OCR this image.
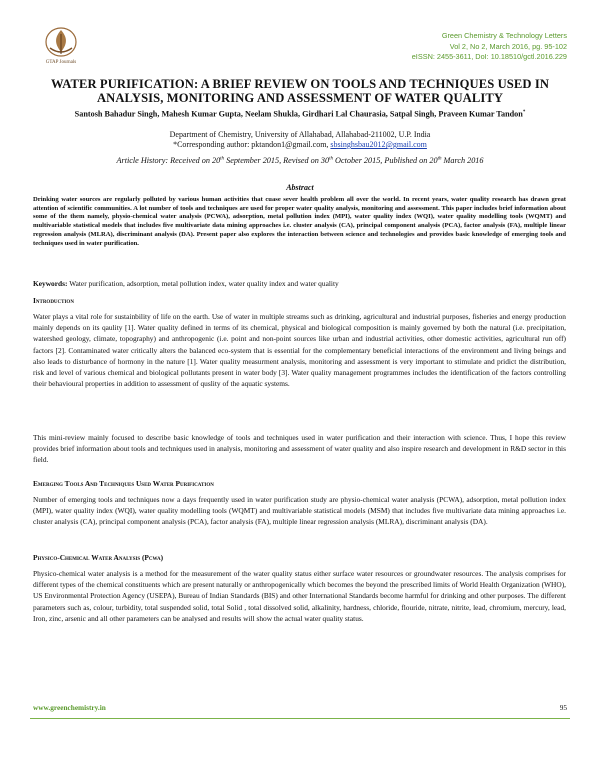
GTAP Journals
Green Chemistry & Technology Letters
Vol 2, No 2, March 2016, pg. 95-102
eISSN: 2455-3611, DoI: 10.18510/gctl.2016.229
WATER PURIFICATION: A BRIEF REVIEW ON TOOLS AND TECHNIQUES USED IN ANALYSIS, MONITORING AND ASSESSMENT OF WATER QUALITY
Santosh Bahadur Singh, Mahesh Kumar Gupta, Neelam Shukla, Girdhari Lal Chaurasia, Satpal Singh, Praveen Kumar Tandon*
Department of Chemistry, University of Allahabad, Allahabad-211002, U.P. India
*Corresponding author: pktandon1@gmail.com, sbsinghsbau2012@gmail.com
Article History: Received on 20th September 2015, Revised on 30th October 2015, Published on 20th March 2016
Abstract
Drinking water sources are regularly polluted by various human activities that cuase sever health problem all over the world. In recent years, water quality research has drawn great attention of scientific communities. A lot number of tools and techniques are used for proper water quality analysis, monitoring and assessment. This paper includes brief information about some of the them namely, physio-chemical water analysis (PCWA), adsorption, metal pollution index (MPI), water quality index (WQI), water quality modelling tools (WQMT) and multivariable statistical models that includes five multivariate data mining approaches i.e. cluster analysis (CA), principal component analysis (PCA), factor analysis (FA), multiple linear regression analysis (MLRA), discriminant analysis (DA). Present paper also explores the interaction between science and technologies and provides basic knowledge of emerging tools and techniques used in water purification.
Keywords: Water purification, adsorption, metal pollution index, water quality index and water quality
Introduction
Water plays a vital role for sustainbility of life on the earth. Use of water in multiple streams such as drinking, agricultural and industrial purposes, fisheries and energy production mainly depends on its qaulity [1]. Water quality defined in terms of its chemical, physical and biological composition is mainly governed by both the natural (i.e. precipitation, watershed geology, climate, topography) and anthropogenic (i.e. point and non-point sources like urban and industrial activities, other domestic activities, agricultural run off) factors [2]. Contaminated water critically alters the balanced eco-system that is essential for the complementary beneficial interactions of the environment and living beings and also leads to disturbance of hormony in the nature [1]. Water quality measurment analysis, monitoring and assessment is very important to stimulate and pridict the distribution, risk and level of various chemical and biological pollutants present in water body [3]. Water quality management programmes includes the identification of the factors controlling their behavioural properties in addition to assessment of quslity of the aquatic systems.
This mini-review mainly focused to describe basic knowledge of tools and techniques used in water purification and their interaction with science. Thus, I hope this review provides brief information about tools and techniques used in analysis, monitoring and assessment of water quality and also inspire research and development in R&D sector in this field.
Emerging Tools And Techniques Used Water Purification
Number of emerging tools and techniques now a days frequently used in water purification study are physio-chemical water analysis (PCWA), adsorption, metal pollution index (MPI), water quality index (WQI), water quality modelling tools (WQMT) and multivariable statistical models (MSM) that includes five multivariate data mining approaches i.e. cluster analysis (CA), principal component analysis (PCA), factor analysis (FA), multiple linear regression analysis (MLRA), discriminant analysis (DA).
Physico-Chemical Water Analysis (Pcwa)
Physico-chemical water analysis is a method for the measurement of the water quality status either surface water resources or groundwater resources. The analysis comprises for different types of the chemical constituents which are present naturally or anthropogenically which becomes the beyond the prescribed limits of World Health Organization (WHO), US Environmental Protection Agency (USEPA), Bureau of Indian Standards (BIS) and other International Standards become harmful for drinking and other purposes. The different parameters such as, colour, turbidity, total suspended solid, total Solid , total dissolved solid, alkalinity, hardness, chloride, flouride, nitrate, nitrite, lead, chromium, mercury, lead, Iron, zinc, arsenic and all other parameters can be analysed and results will show the actual water quality status.
www.greenchemistry.in	95
